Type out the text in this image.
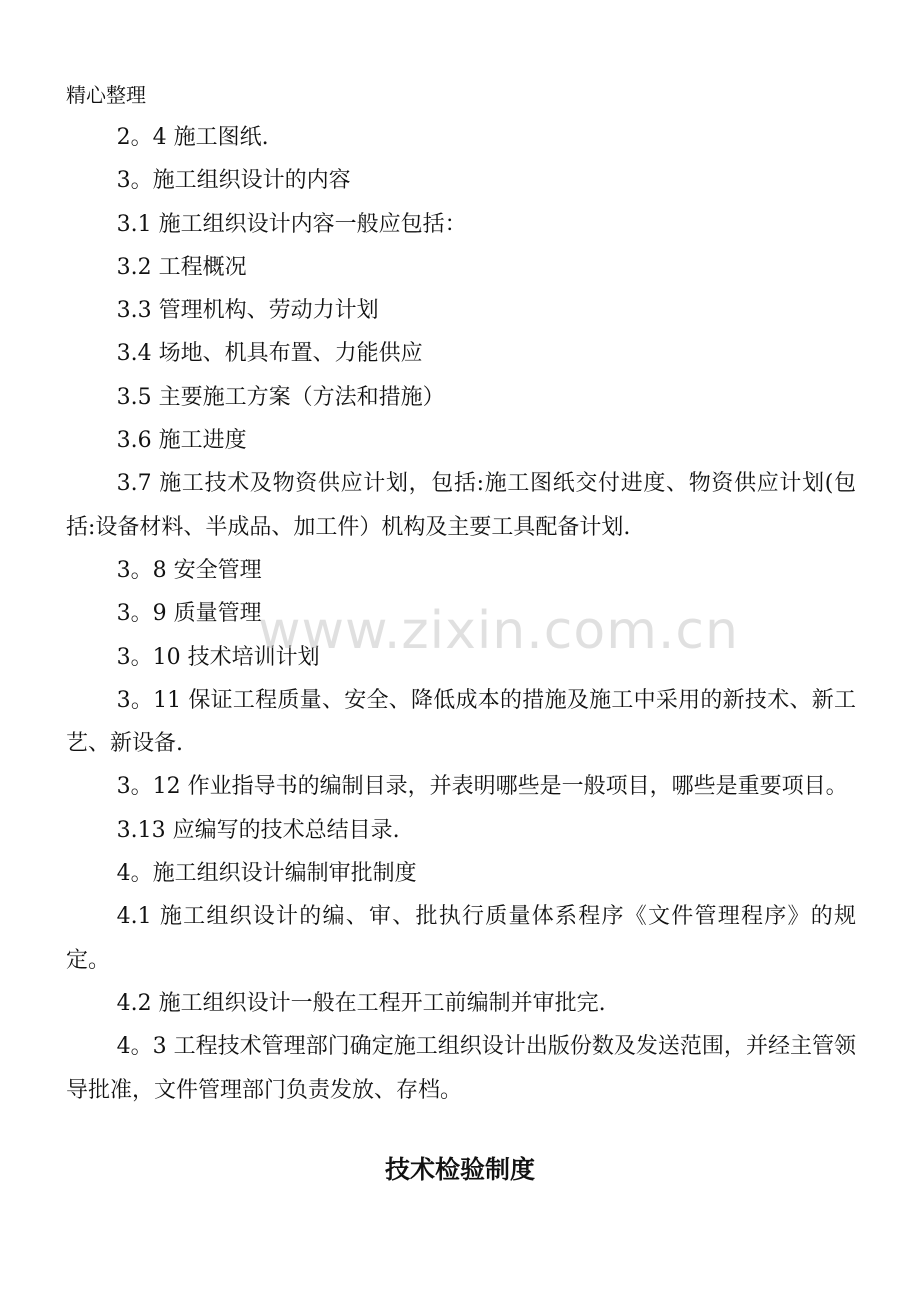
精心整理

2。4 施工图纸.

3。施工组织设计的内容

3.1 施工组织设计内容一般应包括：

3.2 工程概况

3.3 管理机构、劳动力计划

3.4 场地、机具布置、力能供应

3.5 主要施工方案（方法和措施）

3.6 施工进度

3.7 施工技术及物资供应计划，包括:施工图纸交付进度、物资供应计划(包括:设备材料、半成品、加工件）机构及主要工具配备计划.

3。8 安全管理

3。9 质量管理

3。10 技术培训计划

3。11 保证工程质量、安全、降低成本的措施及施工中采用的新技术、新工艺、新设备.

3。12 作业指导书的编制目录，并表明哪些是一般项目，哪些是重要项目。

3.13 应编写的技术总结目录.

4。施工组织设计编制审批制度

4.1 施工组织设计的编、审、批执行质量体系程序《文件管理程序》的规定。

4.2 施工组织设计一般在工程开工前编制并审批完.

4。3 工程技术管理部门确定施工组织设计出版份数及发送范围，并经主管领导批准，文件管理部门负责发放、存档。

技术检验制度
www.zixin.com.cn
